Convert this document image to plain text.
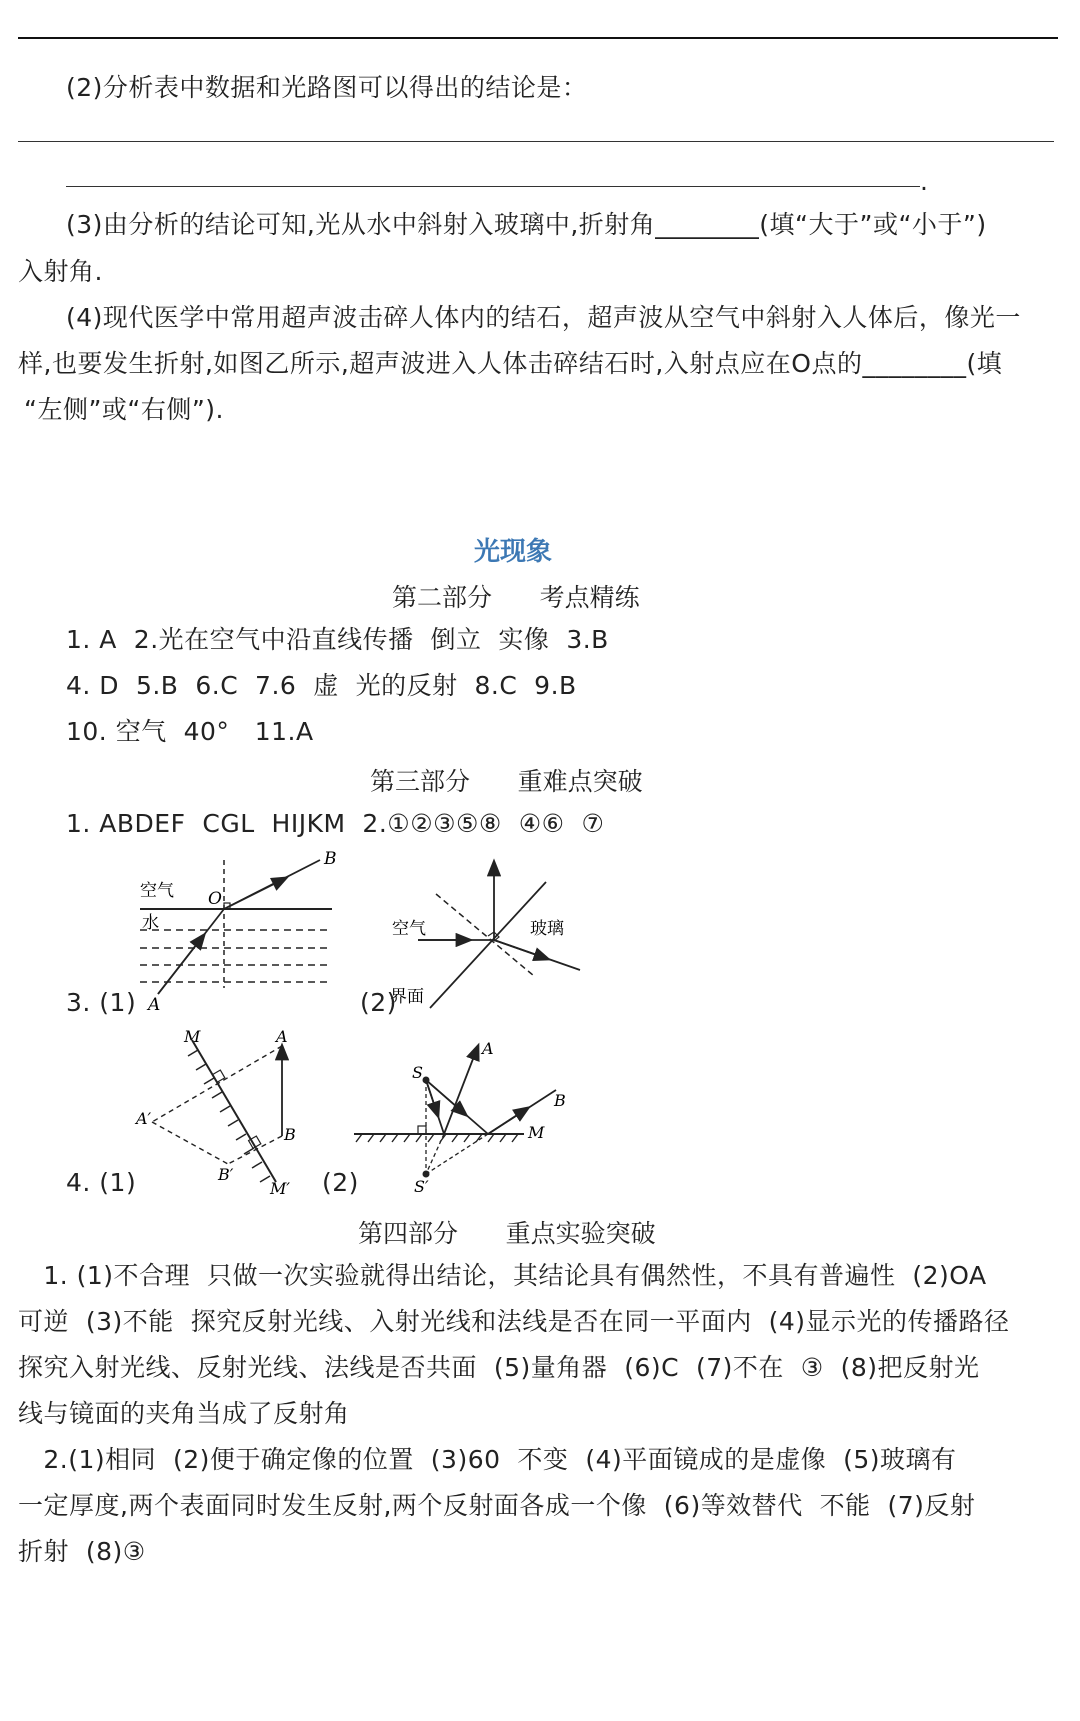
(2)分析表中数据和光路图可以得出的结论是：
.
(3)由分析的结论可知,光从水中斜射入玻璃中,折射角________(填“大于”或“小于”)
入射角.
(4)现代医学中常用超声波击碎人体内的结石，超声波从空气中斜射入人体后，像光一
样,也要发生折射,如图乙所示,超声波进入人体击碎结石时,入射点应在O点的________(填
“左侧”或“右侧”).
光现象
第二部分      考点精练
1. A  2.光在空气中沿直线传播  倒立  实像  3.B
4. D  5.B  6.C  7.6  虚  光的反射  8.C  9.B
10. 空气  40°   11.A
第三部分      重难点突破
1. ABDEF  CGL  HIJKM  2.①②③⑤⑧  ④⑥  ⑦
空气
水
O
A
B
3. (1)
空气	玻璃
界面
(2)
M	A
B
A′
B′
M′
4. (1)
S
A
B
M
S′
(2)
第四部分      重点实验突破
1. (1)不合理  只做一次实验就得出结论，其结论具有偶然性，不具有普遍性  (2)OA
可逆  (3)不能  探究反射光线、入射光线和法线是否在同一平面内  (4)显示光的传播路径
探究入射光线、反射光线、法线是否共面  (5)量角器  (6)C  (7)不在  ③  (8)把反射光
线与镜面的夹角当成了反射角
2.(1)相同  (2)便于确定像的位置  (3)60  不变  (4)平面镜成的是虚像  (5)玻璃有
一定厚度,两个表面同时发生反射,两个反射面各成一个像  (6)等效替代  不能  (7)反射
折射  (8)③
